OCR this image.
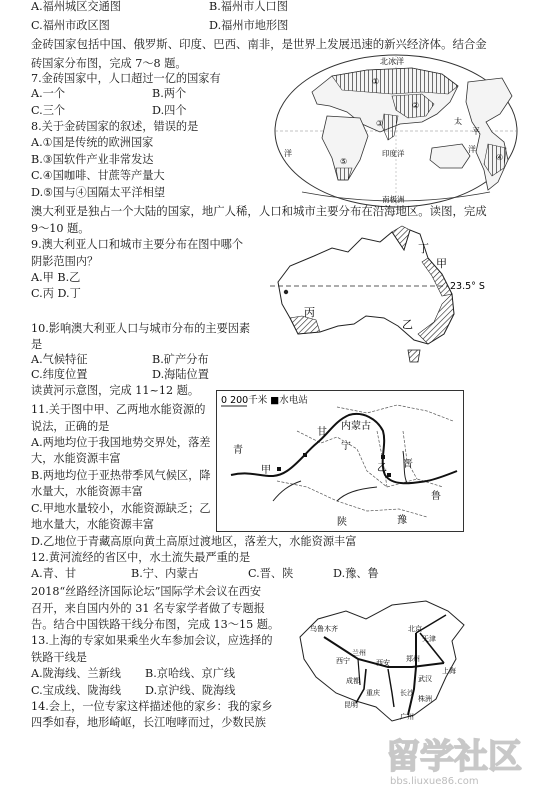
A.福州城区交通图	B.福州市人口图
C.福州市政区图	D.福州市地形图
金砖国家包括中国、俄罗斯、印度、巴西、南非，是世界上发展迅速的新兴经济体。结合金
砖国家分布图，完成 7～8 题。
7.金砖国家中，人口超过一亿的国家有
A.一个	B.两个
C.三个	D.四个
8.关于金砖国家的叙述，错误的是
A.①国是传统的欧洲国家
B.③国软件产业非常发达
C.④国咖啡、甘蔗等产量大
D.⑤国与④国隔太平洋相望
北冰洋
太
平
洋
印度洋
南极洲
洋
①
②
③
④
⑤
澳大利亚是独占一个大陆的国家，地广人稀，人口和城市主要分布在沿海地区。读图，完成
9～10 题。
9.澳大利亚人口和城市主要分布在图中哪个
阴影范围内？
A.甲 B.乙
C.丙 D.丁
丁
甲
丙
乙
23.5° S
10.影响澳大利亚人口与城市分布的主要因素
是
A.气候特征	B.矿产分布
C.纬度位置	D.海陆位置
读黄河示意图，完成 11~12 题。
11.关于图中甲、乙两地水能资源的
说法，正确的是
A.两地均位于我国地势交界处，落差
大，水能资源丰富
B.两地均位于亚热带季风气候区，降
水量大，水能资源丰富
C.甲地水量较小，水能资源缺乏；乙
地水量大，水能资源丰富
D.乙地位于青藏高原向黄土高原过渡地区，落差大，水能资源丰富
0 200千米 ■水电站
内蒙古
甘
宁
晋
青
甲	乙
鲁
陕	豫
12.黄河流经的省区中，水土流失最严重的是
A.青、甘	B.宁、内蒙古	C.晋、陕	D.豫、鲁
2018“丝路经济国际论坛”国际学术会议在西安
召开，来自国内外的 31 名专家学者做了专题报
告。结合中国铁路干线分布图，完成 13～15 题。
13.上海的专家如果乘坐火车参加会议，应选择的
铁路干线是
A.陇海线、兰新线 B.京哈线、京广线
C.宝成线、陇海线 D.京沪线、陇海线
14.会上，一位专家这样描述他的家乡：我的家乡
四季如春，地形崎岖，长江咆哮而过，少数民族
乌鲁木齐
兰州
西宁
北京
天津
成都
重庆
西安 郑州
上海
武汉
长沙
株洲
昆明
广州
留学社区
bbs.liuxue86.com
